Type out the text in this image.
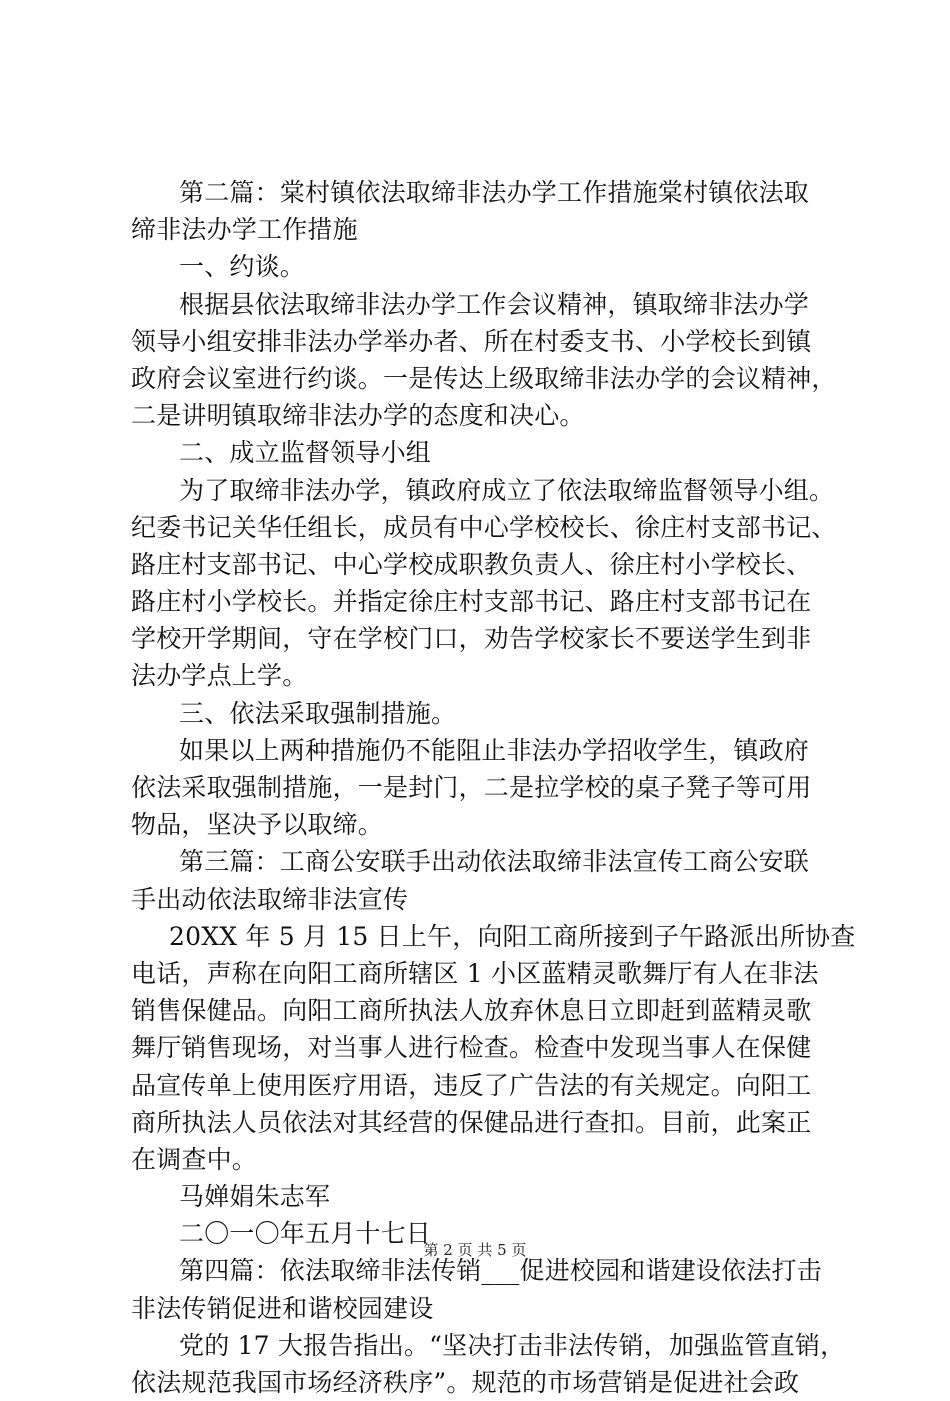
第二篇：棠村镇依法取缔非法办学工作措施棠村镇依法取
缔非法办学工作措施
一、约谈。
根据县依法取缔非法办学工作会议精神，镇取缔非法办学
领导小组安排非法办学举办者、所在村委支书、小学校长到镇
政府会议室进行约谈。一是传达上级取缔非法办学的会议精神，
二是讲明镇取缔非法办学的态度和决心。
二、成立监督领导小组
为了取缔非法办学，镇政府成立了依法取缔监督领导小组。
纪委书记关华任组长，成员有中心学校校长、徐庄村支部书记、
路庄村支部书记、中心学校成职教负责人、徐庄村小学校长、
路庄村小学校长。并指定徐庄村支部书记、路庄村支部书记在
学校开学期间，守在学校门口，劝告学校家长不要送学生到非
法办学点上学。
三、依法采取强制措施。
如果以上两种措施仍不能阻止非法办学招收学生，镇政府
依法采取强制措施，一是封门，二是拉学校的桌子凳子等可用
物品，坚决予以取缔。
第三篇：工商公安联手出动依法取缔非法宣传工商公安联
手出动依法取缔非法宣传
20XX 年 5 月 15 日上午，向阳工商所接到子午路派出所协查
电话，声称在向阳工商所辖区 1 小区蓝精灵歌舞厅有人在非法
销售保健品。向阳工商所执法人放弃休息日立即赶到蓝精灵歌
舞厅销售现场，对当事人进行检查。检查中发现当事人在保健
品宣传单上使用医疗用语，违反了广告法的有关规定。向阳工
商所执法人员依法对其经营的保健品进行查扣。目前，此案正
在调查中。
马婵娟朱志军
二〇一〇年五月十七日
第四篇：依法取缔非法传销___促进校园和谐建设依法打击
非法传销促进和谐校园建设
党的 17 大报告指出。“坚决打击非法传销，加强监管直销，
依法规范我国市场经济秩序”。规范的市场营销是促进社会政
第 2 页 共 5 页
